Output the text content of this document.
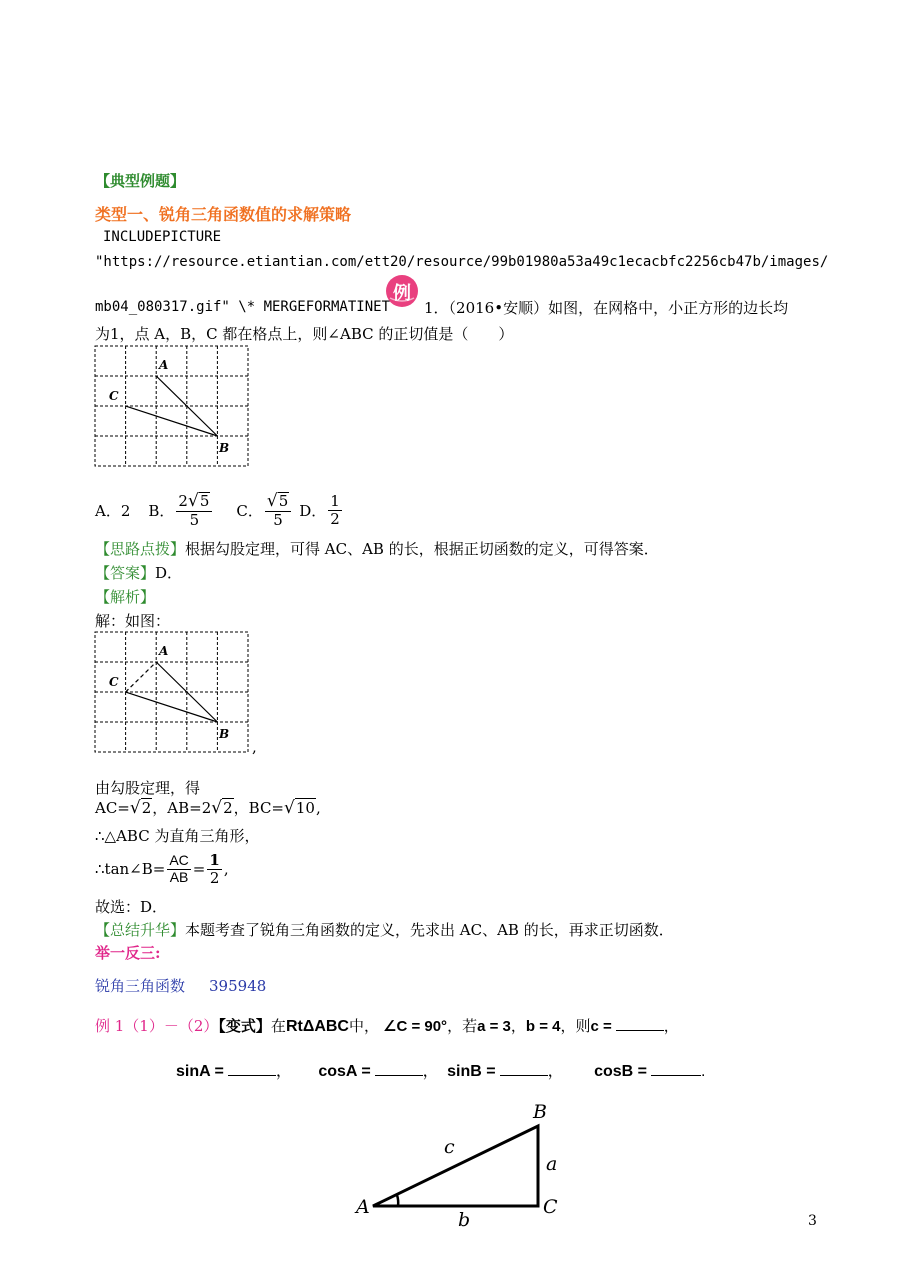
【典型例题】
类型一、锐角三角函数值的求解策略
INCLUDEPICTURE
"https://resource.etiantian.com/ett20/resource/99b01980a53a49c1ecacbfc2256cb47b/images/
mb04_080317.gif" \* MERGEFORMATINET
例
1．（2016•安顺）如图，在网格中，小正方形的边长均
为1，点 A，B，C 都在格点上，则∠ABC 的正切值是（　　）
A
C
B
A．2 B． $\frac{2√5}{5}$ C． $\frac{√5}{5}$ D． $\frac{1}{2}$
【思路点拨】根据勾股定理，可得 AC、AB 的长，根据正切函数的定义，可得答案．
【答案】D．
【解析】
解：如图：
A
C
B
,
由勾股定理，得
AC=√2，AB=2√2，BC=√10,
∴△ABC 为直角三角形，
∴tan∠B= $\frac{AC}{AB} = \frac{1}{2}$ ,
故选：D．
【总结升华】本题考查了锐角三角函数的定义，先求出 AC、AB 的长，再求正切函数．
举一反三:
锐角三角函数 395948
例 1（1）－（2）【变式】在RtΔABC中， ∠C = 90°，若a = 3，b = 4，则c =	，
sinA =	， cosA =	， sinB =	， cosB =	.
A
B
C
a
b
c
3
